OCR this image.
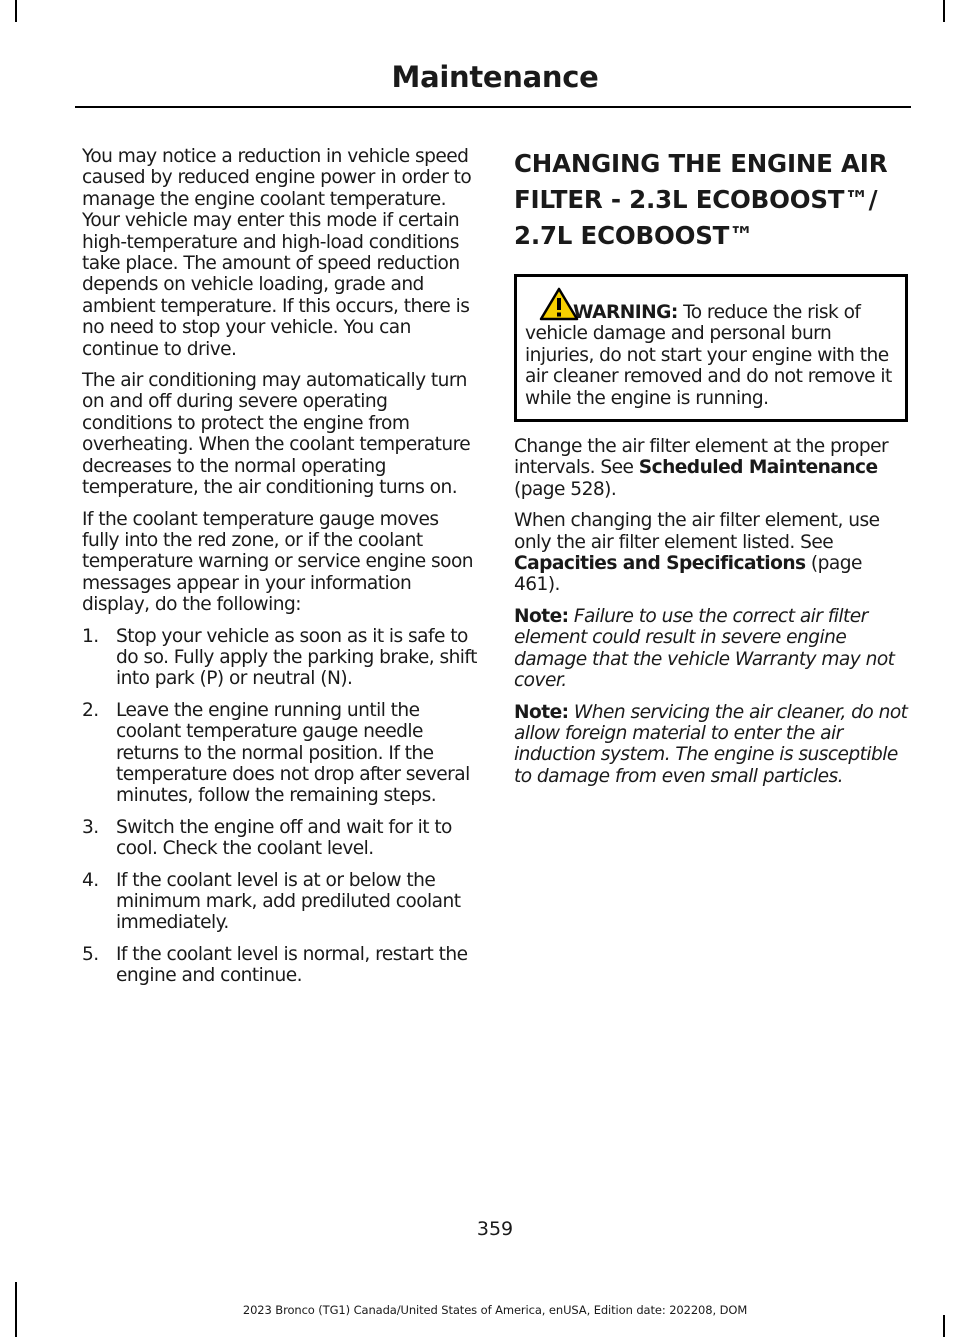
Maintenance

You may notice a reduction in vehicle speed caused by reduced engine power in order to manage the engine coolant temperature. Your vehicle may enter this mode if certain high-temperature and high-load conditions take place. The amount of speed reduction depends on vehicle loading, grade and ambient temperature. If this occurs, there is no need to stop your vehicle. You can continue to drive.

The air conditioning may automatically turn on and off during severe operating conditions to protect the engine from overheating. When the coolant temperature decreases to the normal operating temperature, the air conditioning turns on.

If the coolant temperature gauge moves fully into the red zone, or if the coolant temperature warning or service engine soon messages appear in your information display, do the following:

1. Stop your vehicle as soon as it is safe to do so. Fully apply the parking brake, shift into park (P) or neutral (N).
2. Leave the engine running until the coolant temperature gauge needle returns to the normal position. If the temperature does not drop after several minutes, follow the remaining steps.
3. Switch the engine off and wait for it to cool. Check the coolant level.
4. If the coolant level is at or below the minimum mark, add prediluted coolant immediately.
5. If the coolant level is normal, restart the engine and continue.
CHANGING THE ENGINE AIR FILTER - 2.3L ECOBOOST™/ 2.7L ECOBOOST™
WARNING: To reduce the risk of vehicle damage and personal burn injuries, do not start your engine with the air cleaner removed and do not remove it while the engine is running.

Change the air filter element at the proper intervals. See Scheduled Maintenance (page 528).

When changing the air filter element, use only the air filter element listed. See Capacities and Specifications (page 461).

Note: Failure to use the correct air filter element could result in severe engine damage that the vehicle Warranty may not cover.

Note: When servicing the air cleaner, do not allow foreign material to enter the air induction system. The engine is susceptible to damage from even small particles.

359
2023 Bronco (TG1) Canada/United States of America, enUSA, Edition date: 202208, DOM
